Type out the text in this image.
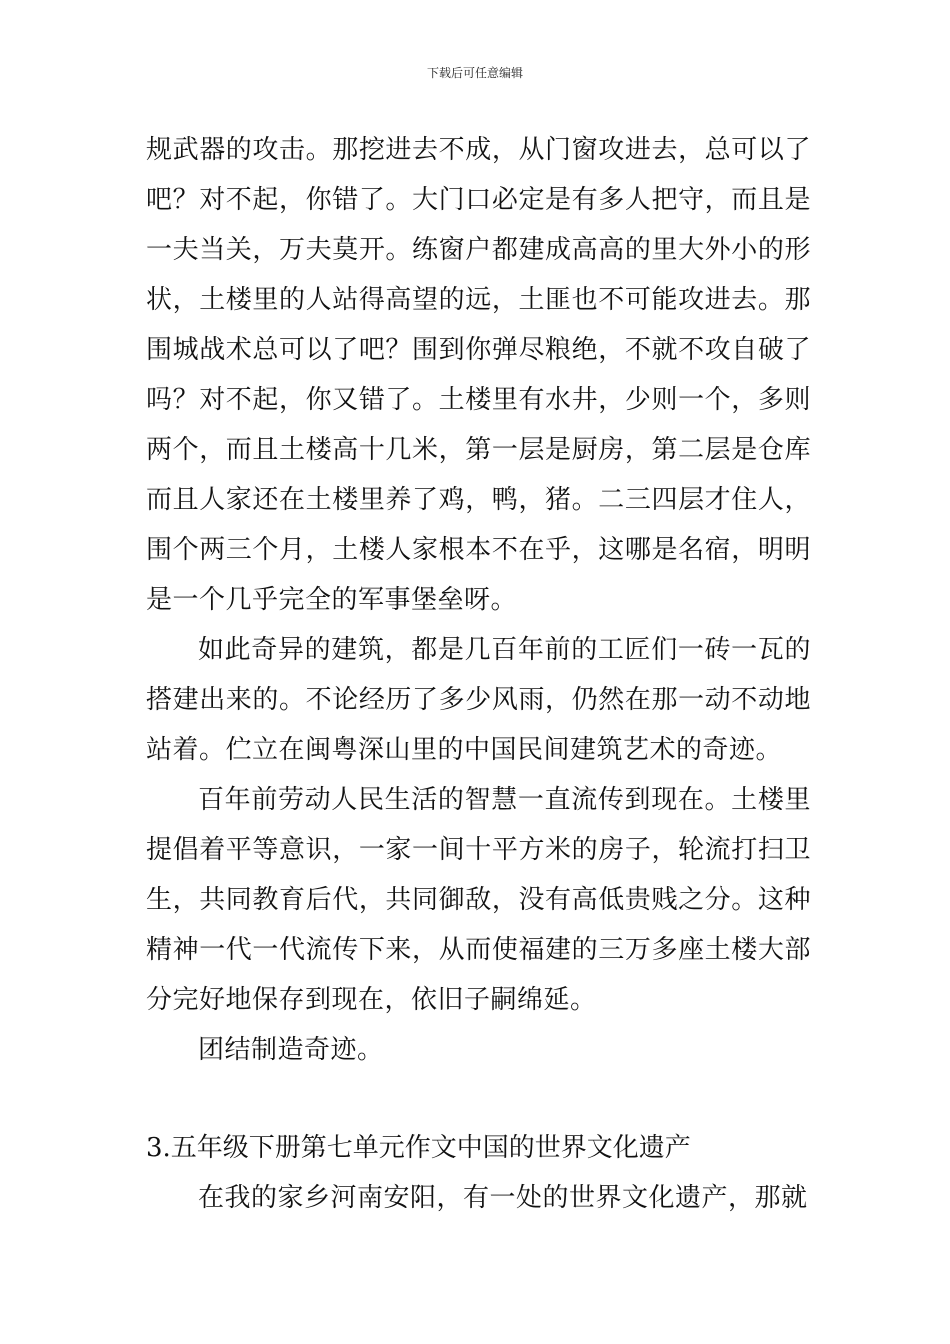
下载后可任意编辑

规武器的攻击。那挖进去不成，从门窗攻进去，总可以了吧？对不起，你错了。大门口必定是有多人把守，而且是一夫当关，万夫莫开。练窗户都建成高高的里大外小的形状，土楼里的人站得高望的远，土匪也不可能攻进去。那围城战术总可以了吧？围到你弹尽粮绝，不就不攻自破了吗？对不起，你又错了。土楼里有水井，少则一个，多则两个，而且土楼高十几米，第一层是厨房，第二层是仓库而且人家还在土楼里养了鸡，鸭，猪。二三四层才住人，围个两三个月，土楼人家根本不在乎，这哪是名宿，明明是一个几乎完全的军事堡垒呀。

如此奇异的建筑，都是几百年前的工匠们一砖一瓦的搭建出来的。不论经历了多少风雨，仍然在那一动不动地站着。伫立在闽粤深山里的中国民间建筑艺术的奇迹。

百年前劳动人民生活的智慧一直流传到现在。土楼里提倡着平等意识，一家一间十平方米的房子，轮流打扫卫生，共同教育后代，共同御敌，没有高低贵贱之分。这种精神一代一代流传下来，从而使福建的三万多座土楼大部分完好地保存到现在，依旧子嗣绵延。

团结制造奇迹。

3.五年级下册第七单元作文中国的世界文化遗产

在我的家乡河南安阳，有一处的世界文化遗产，那就
